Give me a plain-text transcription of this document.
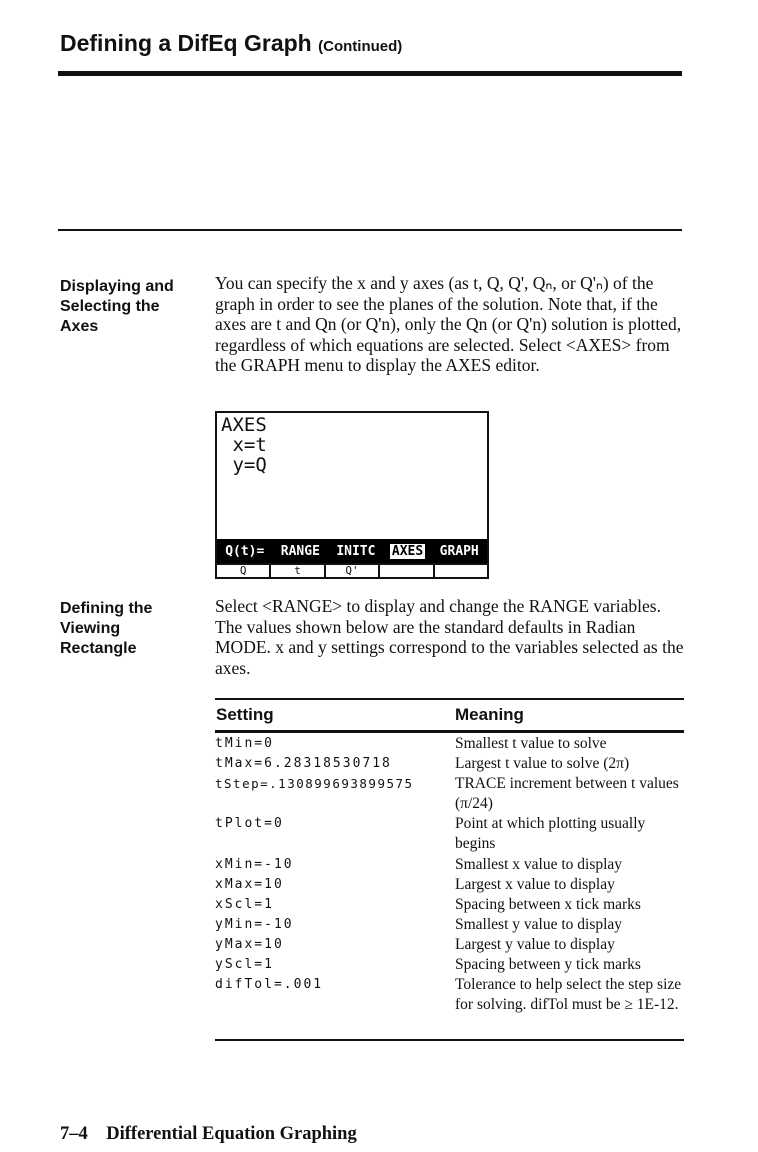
Defining a DifEq Graph (Continued)
Displaying and Selecting the Axes
You can specify the x and y axes (as t, Q, Q', Qₙ, or Q'ₙ) of the graph in order to see the planes of the solution. Note that, if the axes are t and Qn (or Q'n), only the Qn (or Q'n) solution is plotted, regardless of which equations are selected. Select <AXES> from the GRAPH menu to display the AXES editor.
AXES
x=t
y=Q
Q(t)= RANGE INITC AXES GRAPH
Q	t	Q'
Defining the Viewing Rectangle
Select <RANGE> to display and change the RANGE variables. The values shown below are the standard defaults in Radian MODE. x and y settings correspond to the variables selected as the axes.
Setting	Meaning
tMin=0	Smallest t value to solve
tMax=6.28318530718	Largest t value to solve (2π)
tStep=.130899693899575	TRACE increment between t values (π/24)
tPlot=0	Point at which plotting usually begins
xMin=-10	Smallest x value to display
xMax=10	Largest x value to display
xScl=1	Spacing between x tick marks
yMin=-10	Smallest y value to display
yMax=10	Largest y value to display
yScl=1	Spacing between y tick marks
difTol=.001	Tolerance to help select the step size for solving. difTol must be ≥ 1E-12.
7–4    Differential Equation Graphing
